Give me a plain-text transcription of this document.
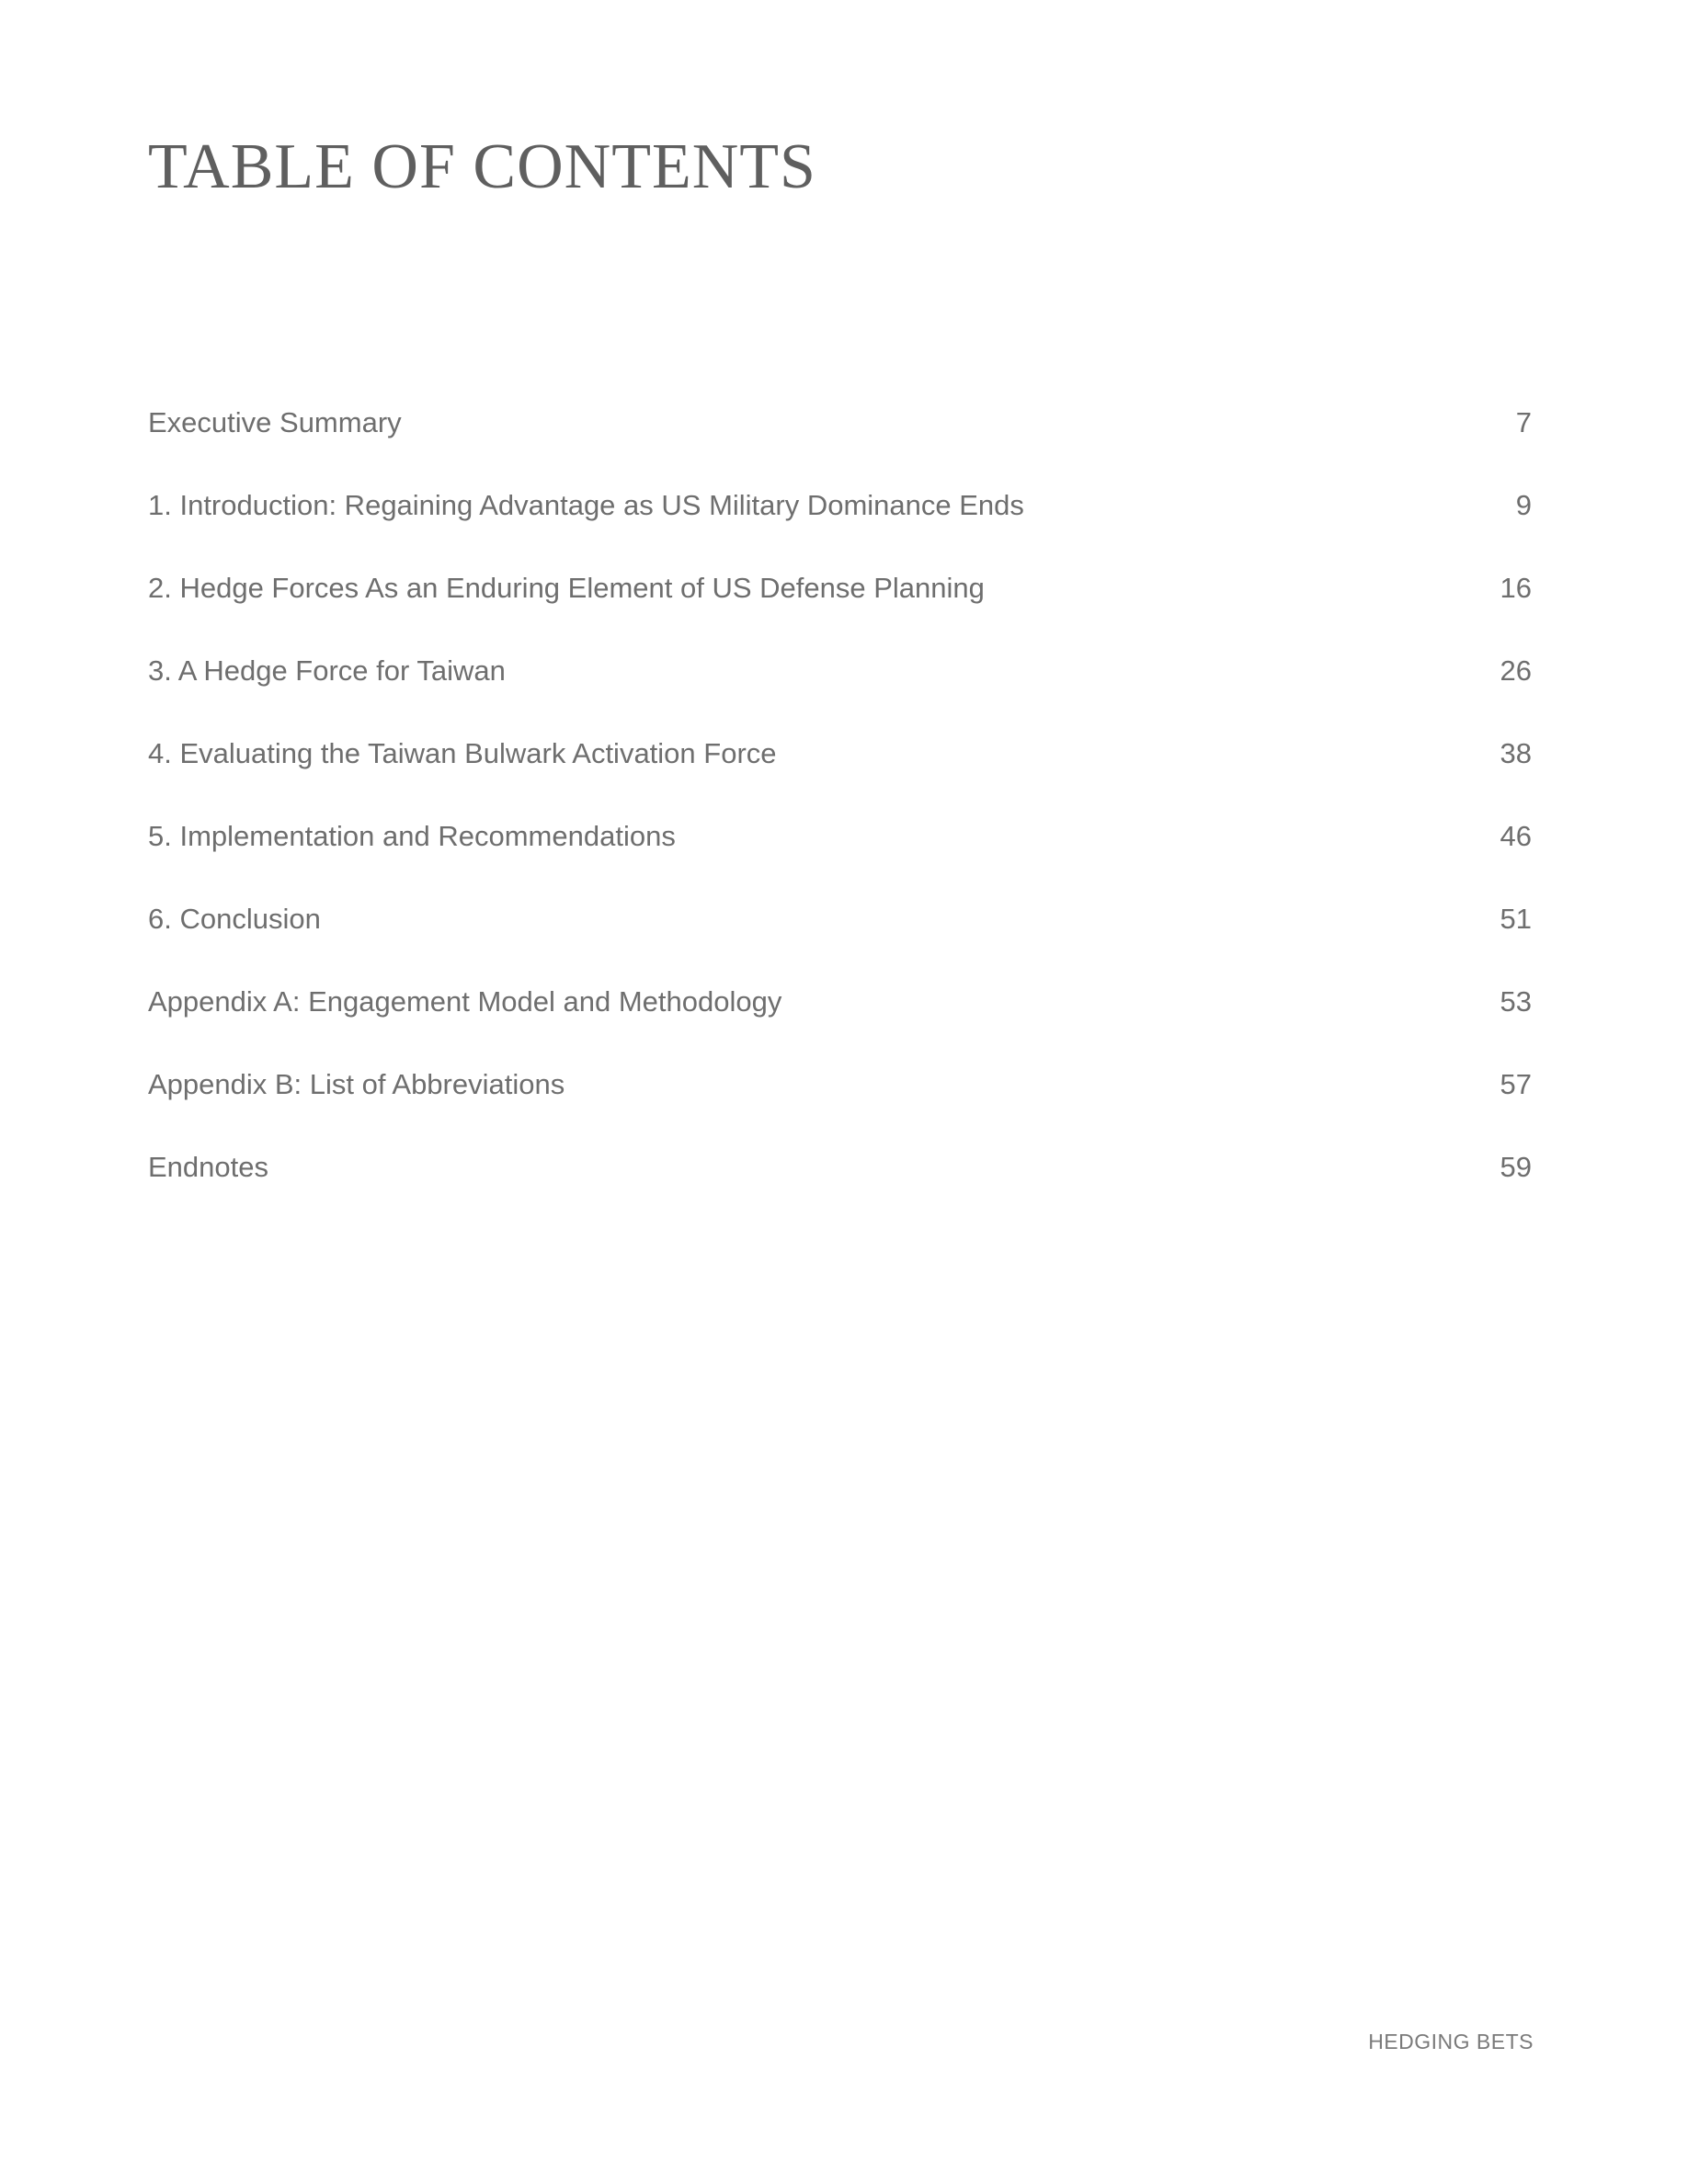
TABLE OF CONTENTS
Executive Summary	7
1. Introduction: Regaining Advantage as US Military Dominance Ends	9
2. Hedge Forces As an Enduring Element of US Defense Planning	16
3. A Hedge Force for Taiwan	26
4. Evaluating the Taiwan Bulwark Activation Force	38
5. Implementation and Recommendations	46
6. Conclusion	51
Appendix A: Engagement Model and Methodology	53
Appendix B: List of Abbreviations	57
Endnotes	59
HEDGING BETS
